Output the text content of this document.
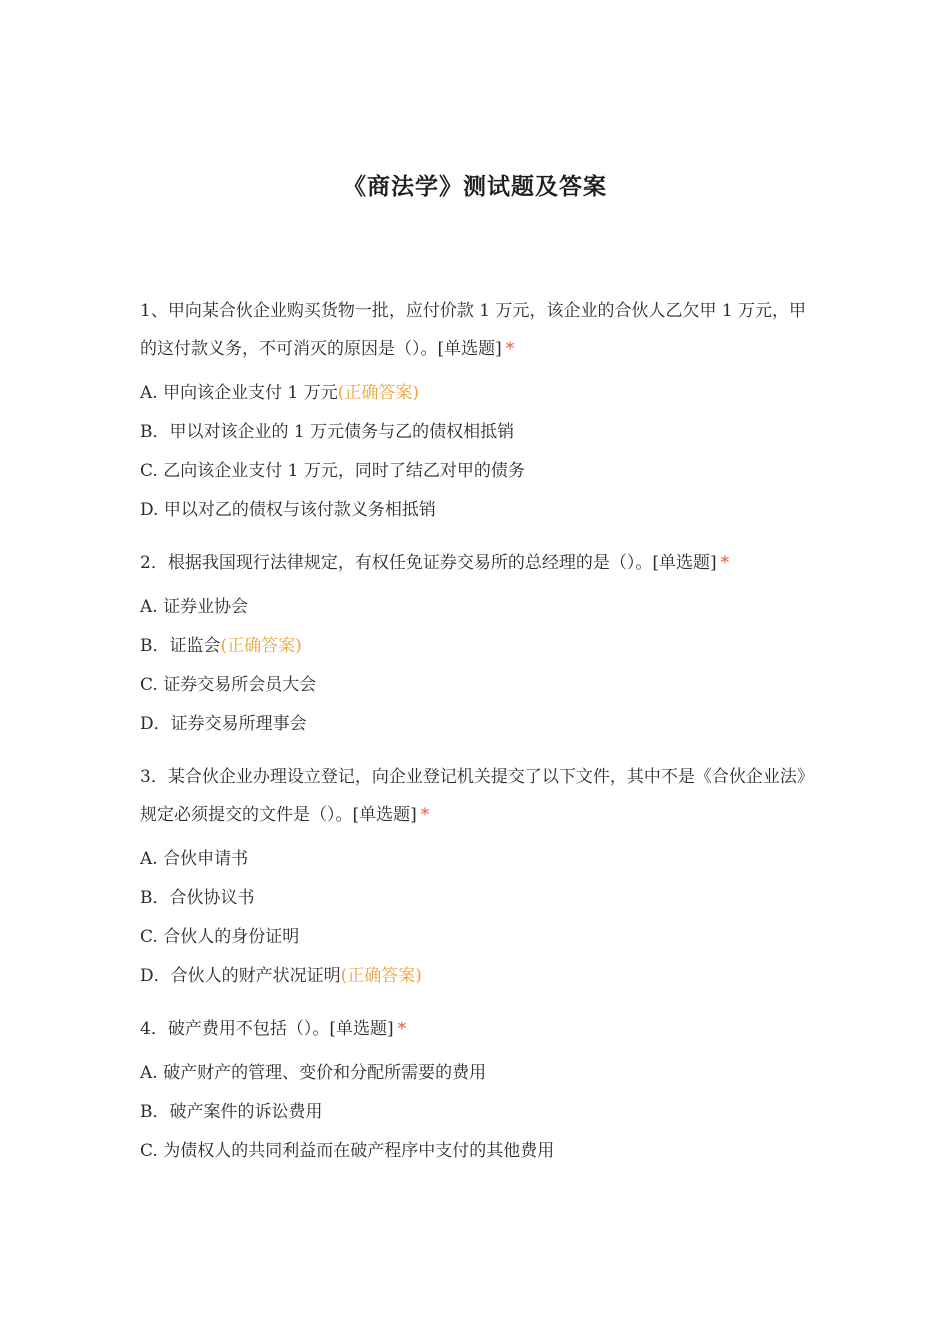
《商法学》测试题及答案

1、甲向某合伙企业购买货物一批，应付价款 1 万元，该企业的合伙人乙欠甲 1 万元，甲的这付款义务，不可消灭的原因是（）。[单选题] *

A. 甲向该企业支付 1 万元(正确答案)

B．甲以对该企业的 1 万元债务与乙的债权相抵销

C. 乙向该企业支付 1 万元，同时了结乙对甲的债务

D. 甲以对乙的债权与该付款义务相抵销

2．根据我国现行法律规定，有权任免证券交易所的总经理的是（）。[单选题] *

A. 证券业协会

B．证监会(正确答案)

C. 证券交易所会员大会

D．证券交易所理事会

3．某合伙企业办理设立登记，向企业登记机关提交了以下文件，其中不是《合伙企业法》规定必须提交的文件是（）。[单选题] *

A. 合伙申请书

B．合伙协议书

C. 合伙人的身份证明

D．合伙人的财产状况证明(正确答案)

4．破产费用不包括（）。[单选题] *

A. 破产财产的管理、变价和分配所需要的费用

B．破产案件的诉讼费用

C. 为债权人的共同利益而在破产程序中支付的其他费用
